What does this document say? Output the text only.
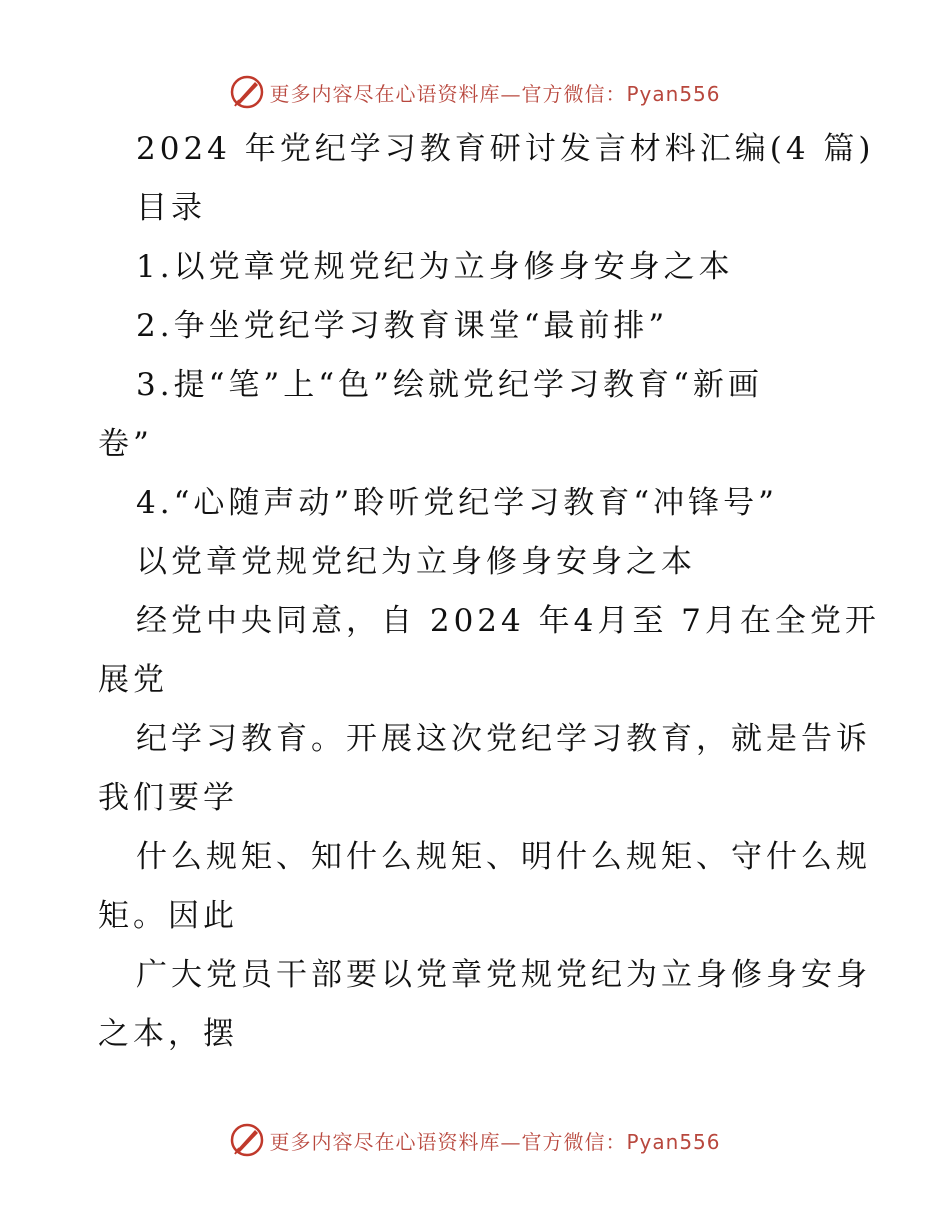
更多内容尽在心语资料库—官方微信：Pyan556

2024 年党纪学习教育研讨发言材料汇编(4 篇)

目录

1.以党章党规党纪为立身修身安身之本

2.争坐党纪学习教育课堂“最前排”

3.提“笔”上“色”绘就党纪学习教育“新画

卷”

4.“心随声动”聆听党纪学习教育“冲锋号”

以党章党规党纪为立身修身安身之本

经党中央同意，自 2024 年4月至 7月在全党开

展党

纪学习教育。开展这次党纪学习教育，就是告诉

我们要学

什么规矩、知什么规矩、明什么规矩、守什么规

矩。因此

广大党员干部要以党章党规党纪为立身修身安身

之本，摆

更多内容尽在心语资料库—官方微信：Pyan556
